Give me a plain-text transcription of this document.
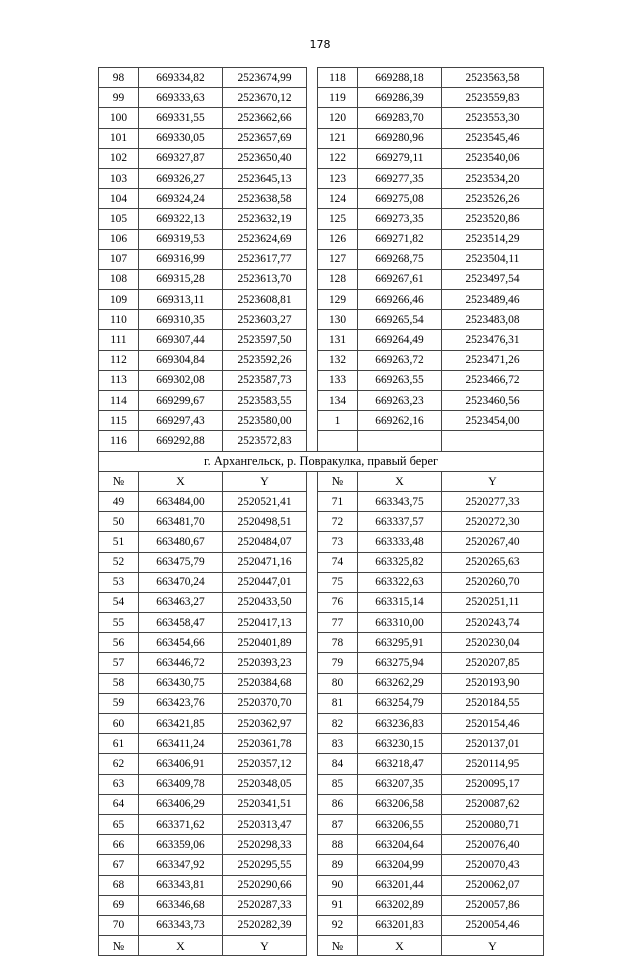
178
98	669334,82	2523674,99		118	669288,18	2523563,58
99	669333,63	2523670,12		119	669286,39	2523559,83
100	669331,55	2523662,66		120	669283,70	2523553,30
101	669330,05	2523657,69		121	669280,96	2523545,46
102	669327,87	2523650,40		122	669279,11	2523540,06
103	669326,27	2523645,13		123	669277,35	2523534,20
104	669324,24	2523638,58		124	669275,08	2523526,26
105	669322,13	2523632,19		125	669273,35	2523520,86
106	669319,53	2523624,69		126	669271,82	2523514,29
107	669316,99	2523617,77		127	669268,75	2523504,11
108	669315,28	2523613,70		128	669267,61	2523497,54
109	669313,11	2523608,81		129	669266,46	2523489,46
110	669310,35	2523603,27		130	669265,54	2523483,08
111	669307,44	2523597,50		131	669264,49	2523476,31
112	669304,84	2523592,26		132	669263,72	2523471,26
113	669302,08	2523587,73		133	669263,55	2523466,72
114	669299,67	2523583,55		134	669263,23	2523460,56
115	669297,43	2523580,00		1	669262,16	2523454,00
116	669292,88	2523572,83				
г. Архангельск, р. Повракулка, правый берег						
№	X	Y		№	X	Y
49	663484,00	2520521,41		71	663343,75	2520277,33
50	663481,70	2520498,51		72	663337,57	2520272,30
51	663480,67	2520484,07		73	663333,48	2520267,40
52	663475,79	2520471,16		74	663325,82	2520265,63
53	663470,24	2520447,01		75	663322,63	2520260,70
54	663463,27	2520433,50		76	663315,14	2520251,11
55	663458,47	2520417,13		77	663310,00	2520243,74
56	663454,66	2520401,89		78	663295,91	2520230,04
57	663446,72	2520393,23		79	663275,94	2520207,85
58	663430,75	2520384,68		80	663262,29	2520193,90
59	663423,76	2520370,70		81	663254,79	2520184,55
60	663421,85	2520362,97		82	663236,83	2520154,46
61	663411,24	2520361,78		83	663230,15	2520137,01
62	663406,91	2520357,12		84	663218,47	2520114,95
63	663409,78	2520348,05		85	663207,35	2520095,17
64	663406,29	2520341,51		86	663206,58	2520087,62
65	663371,62	2520313,47		87	663206,55	2520080,71
66	663359,06	2520298,33		88	663204,64	2520076,40
67	663347,92	2520295,55		89	663204,99	2520070,43
68	663343,81	2520290,66		90	663201,44	2520062,07
69	663346,68	2520287,33		91	663202,89	2520057,86
70	663343,73	2520282,39		92	663201,83	2520054,46
№	X	Y		№	X	Y
